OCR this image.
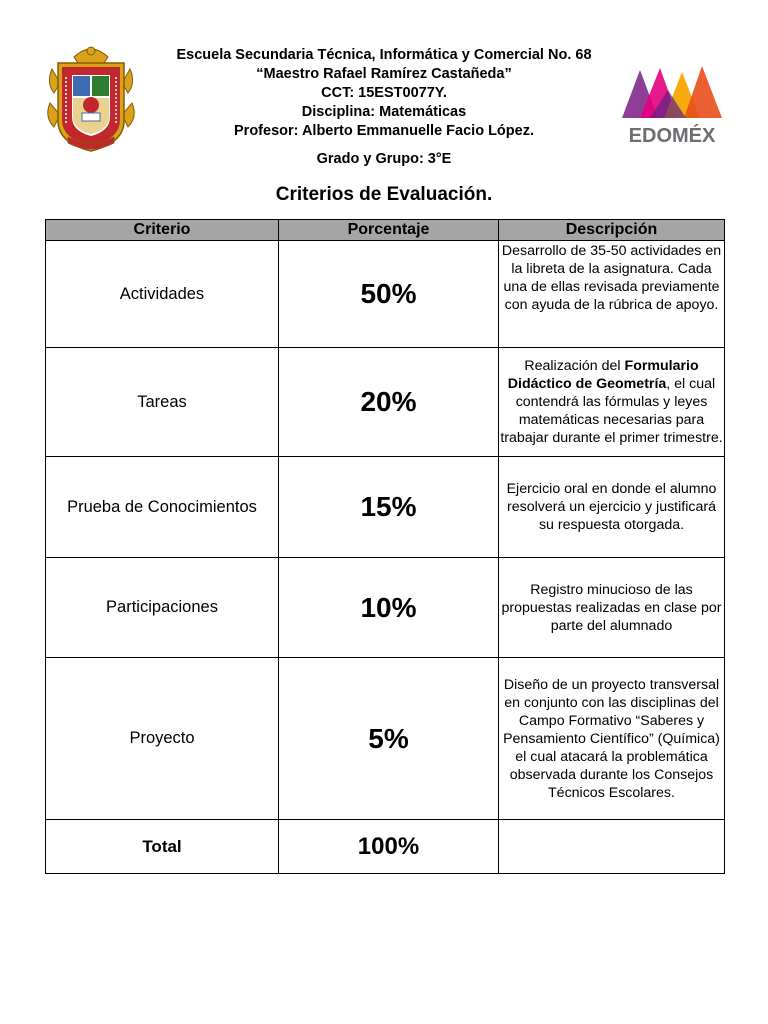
EDOMÉX
Escuela Secundaria Técnica, Informática y Comercial No. 68
“Maestro Rafael Ramírez Castañeda”
CCT: 15EST0077Y.
Disciplina: Matemáticas
Profesor: Alberto Emmanuelle Facio López.
Grado y Grupo: 3°E
Criterios de Evaluación.
Criterio	Porcentaje	Descripción
Actividades	50%	Desarrollo de 35-50 actividades en la libreta de la asignatura. Cada una de ellas revisada previamente con ayuda de la rúbrica de apoyo.

Tareas	20%	Realización del Formulario Didáctico de Geometría, el cual contendrá las fórmulas y leyes matemáticas necesarias para trabajar durante el primer trimestre.

Prueba de Conocimientos	15%	Ejercicio oral en donde el alumno resolverá un ejercicio y justificará su respuesta otorgada.

Participaciones	10%	Registro minucioso de las propuestas realizadas en clase por parte del alumnado

Proyecto	5%	Diseño de un proyecto transversal en conjunto con las disciplinas del Campo Formativo “Saberes y Pensamiento Científico” (Química) el cual atacará la problemática observada durante los Consejos Técnicos Escolares.

Total	100%	
